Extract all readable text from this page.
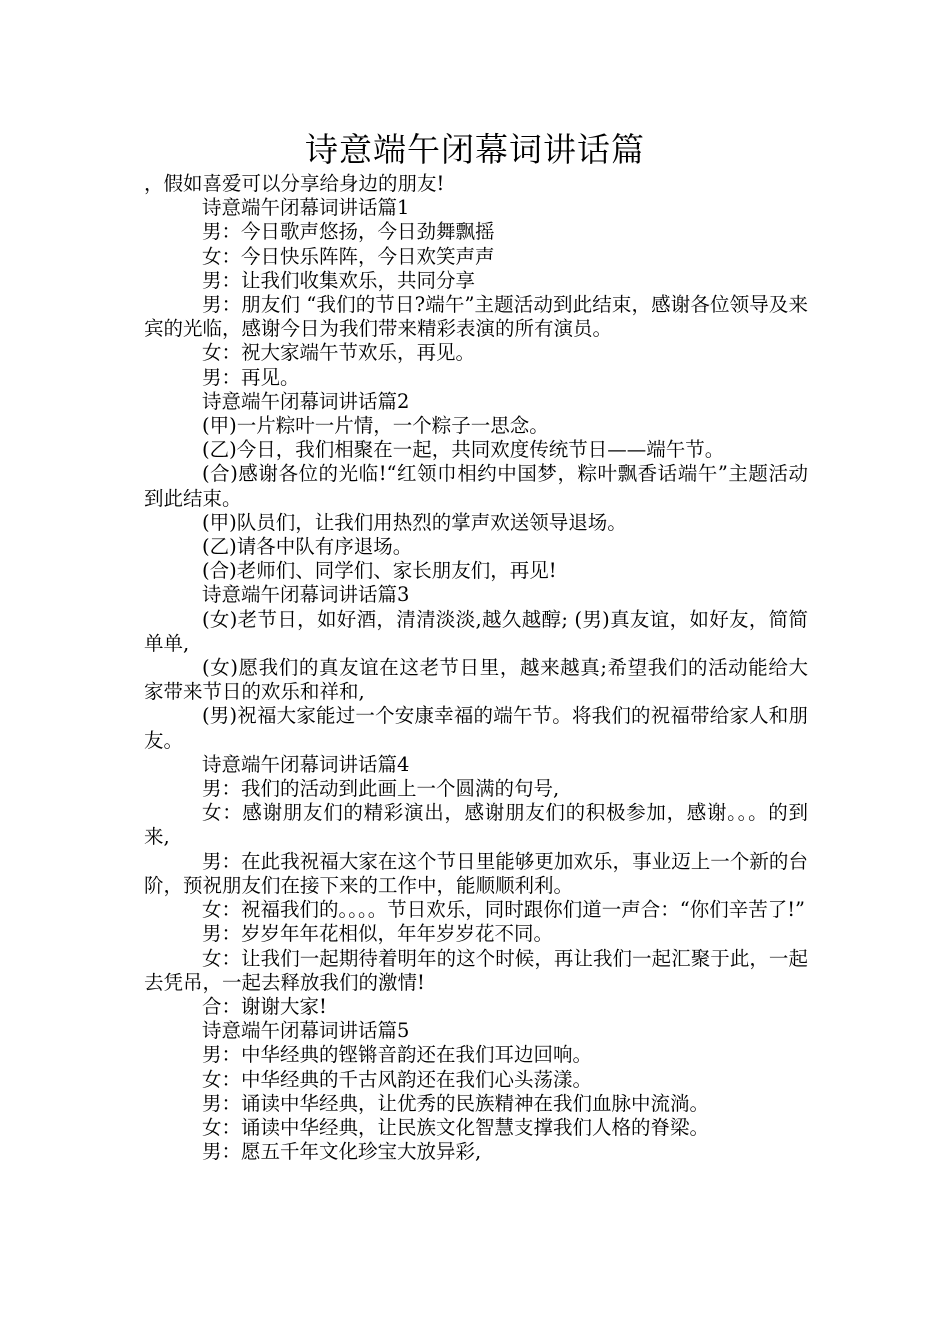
诗意端午闭幕词讲话篇

，假如喜爱可以分享给身边的朋友!

诗意端午闭幕词讲话篇1

男：今日歌声悠扬，今日劲舞飘摇

女：今日快乐阵阵，今日欢笑声声

男：让我们收集欢乐，共同分享

男：朋友们 “我们的节日?端午”主题活动到此结束，感谢各位领导及来宾的光临，感谢今日为我们带来精彩表演的所有演员。

女：祝大家端午节欢乐，再见。

男：再见。

诗意端午闭幕词讲话篇2

(甲)一片粽叶一片情，一个粽子一思念。

(乙)今日，我们相聚在一起，共同欢度传统节日——端午节。

(合)感谢各位的光临!“红领巾相约中国梦，粽叶飘香话端午”主题活动到此结束。

(甲)队员们，让我们用热烈的掌声欢送领导退场。

(乙)请各中队有序退场。

(合)老师们、同学们、家长朋友们，再见!

诗意端午闭幕词讲话篇3

(女)老节日，如好酒，清清淡淡,越久越醇; (男)真友谊，如好友，简简单单,

(女)愿我们的真友谊在这老节日里，越来越真;希望我们的活动能给大家带来节日的欢乐和祥和,

(男)祝福大家能过一个安康幸福的端午节。将我们的祝福带给家人和朋友。

诗意端午闭幕词讲话篇4

男：我们的活动到此画上一个圆满的句号,

女：感谢朋友们的精彩演出，感谢朋友们的积极参加，感谢。。。的到来,

男：在此我祝福大家在这个节日里能够更加欢乐，事业迈上一个新的台阶，预祝朋友们在接下来的工作中，能顺顺利利。

女：祝福我们的。。。。节日欢乐，同时跟你们道一声合：“你们辛苦了!”

男：岁岁年年花相似，年年岁岁花不同。

女：让我们一起期待着明年的这个时候，再让我们一起汇聚于此，一起去凭吊，一起去释放我们的激情!

合：谢谢大家!

诗意端午闭幕词讲话篇5

男：中华经典的铿锵音韵还在我们耳边回响。

女：中华经典的千古风韵还在我们心头荡漾。

男：诵读中华经典，让优秀的民族精神在我们血脉中流淌。

女：诵读中华经典，让民族文化智慧支撑我们人格的脊梁。

男：愿五千年文化珍宝大放异彩,
